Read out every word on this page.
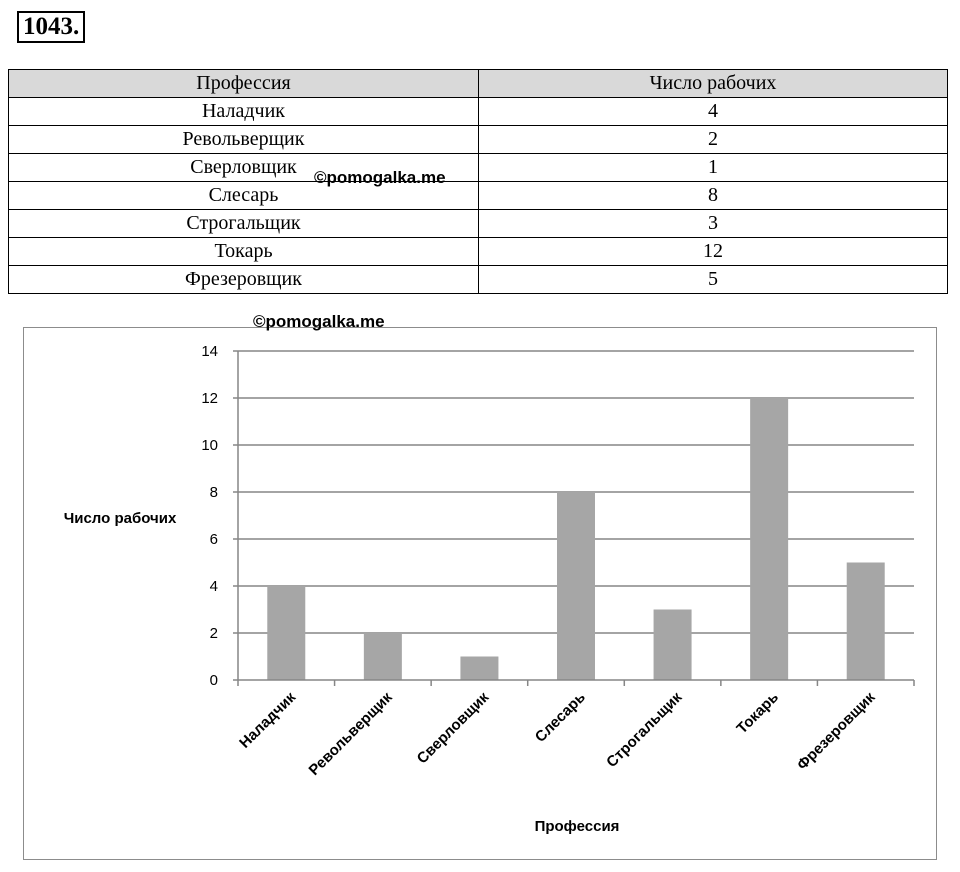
1043.
Профессия	Число рабочих
Наладчик	4
Револьверщик	2
Сверловщик	1
Слесарь	8
Строгальщик	3
Токарь	12
Фрезеровщик	5
©pomogalka.me
©pomogalka.me
0
2
4
6
8
10
12
14
Наладчик Револьверщик Сверловщик	Слесарь Строгальщик	Токарь Фрезеровщик
Число рабочих
Профессия
